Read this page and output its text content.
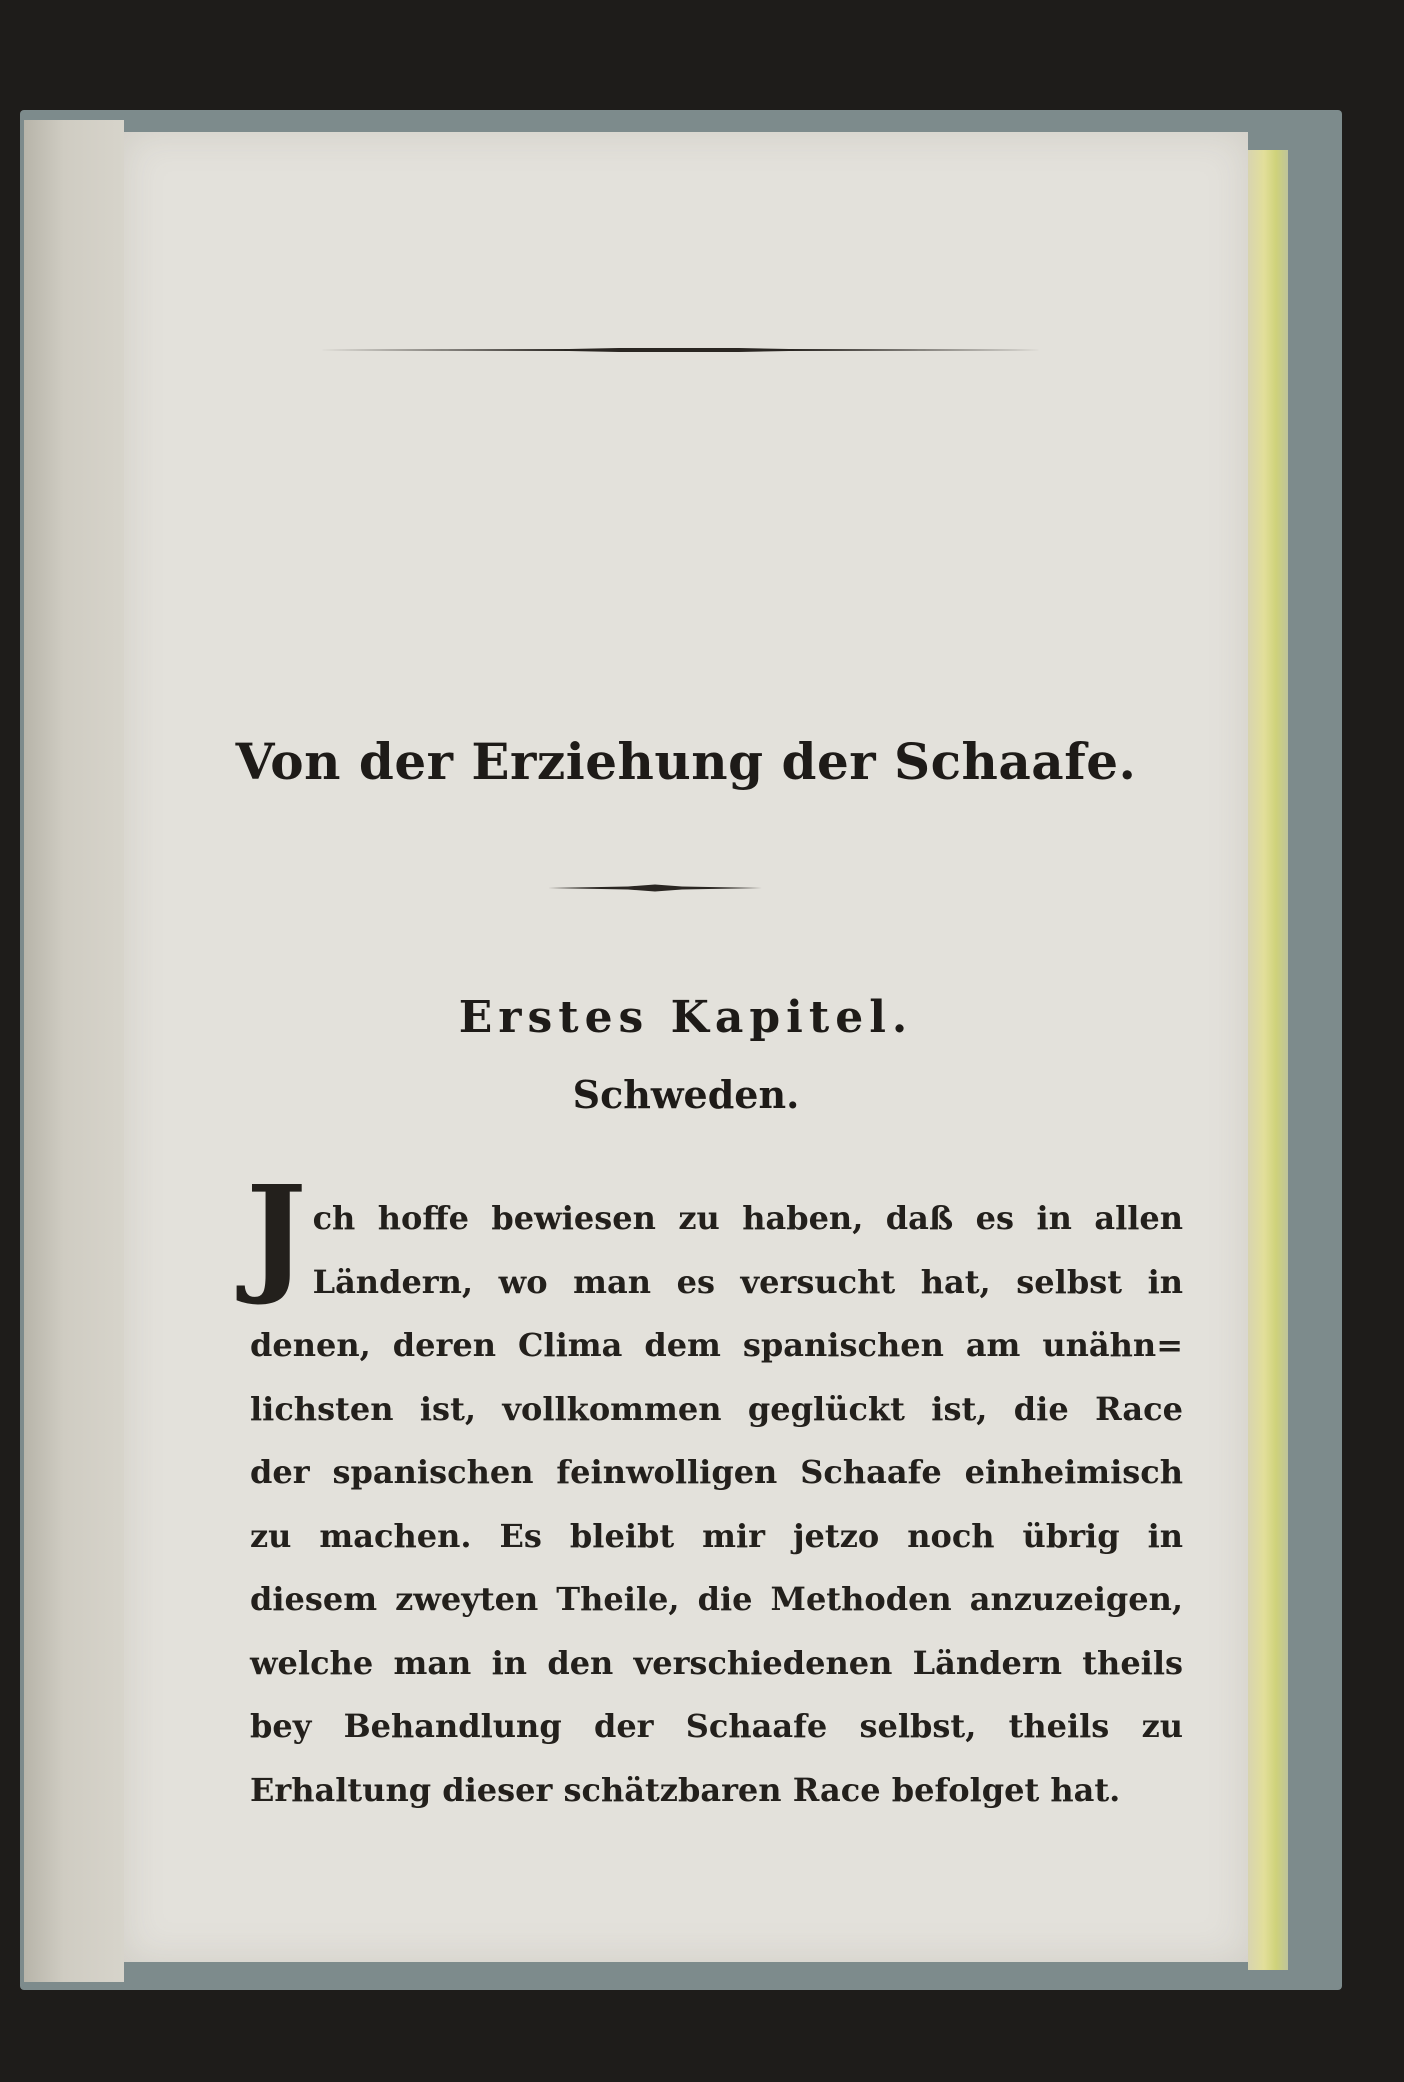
Von der Erziehung der Schaafe.
Erstes Kapitel.
Schweden.
J ch hoffe bewiesen zu haben, daß es in allen
Ländern, wo man es versucht hat, selbst in
denen, deren Clima dem spanischen am unähn=
lichsten ist, vollkommen geglückt ist, die Race
der spanischen feinwolligen Schaafe einheimisch
zu machen. Es bleibt mir jetzo noch übrig in
diesem zweyten Theile, die Methoden anzuzeigen,
welche man in den verschiedenen Ländern theils
bey Behandlung der Schaafe selbst, theils zu
Erhaltung dieser schätzbaren Race befolget hat.
